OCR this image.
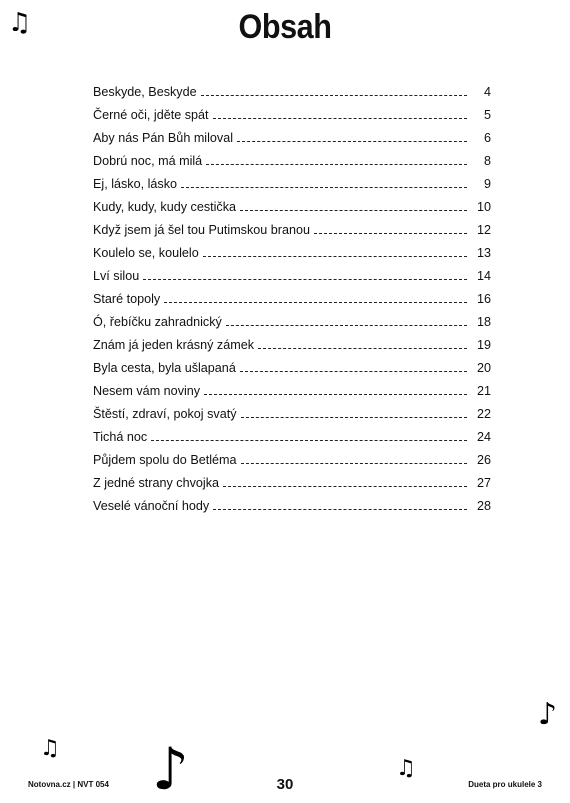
♫	Obsah
Beskyde, Beskyde	4
Černé oči, jděte spát	5
Aby nás Pán Bůh miloval	6
Dobrú noc, má milá	8
Ej, lásko, lásko	9
Kudy, kudy, kudy cestička	10
Když jsem já šel tou Putimskou branou	12
Koulelo se, koulelo	13
Lví silou	14
Staré topoly	16
Ó, řebíčku zahradnický	18
Znám já jeden krásný zámek	19
Byla cesta, byla ušlapaná	20
Nesem vám noviny	21
Štěstí, zdraví, pokoj svatý	22
Tichá noc	24
Půjdem spolu do Betléma	26
Z jedné strany chvojka	27
Veselé vánoční hody	28
♪
♫ ♪	♫
Notovna.cz | NVT 054	30	Dueta pro ukulele 3
